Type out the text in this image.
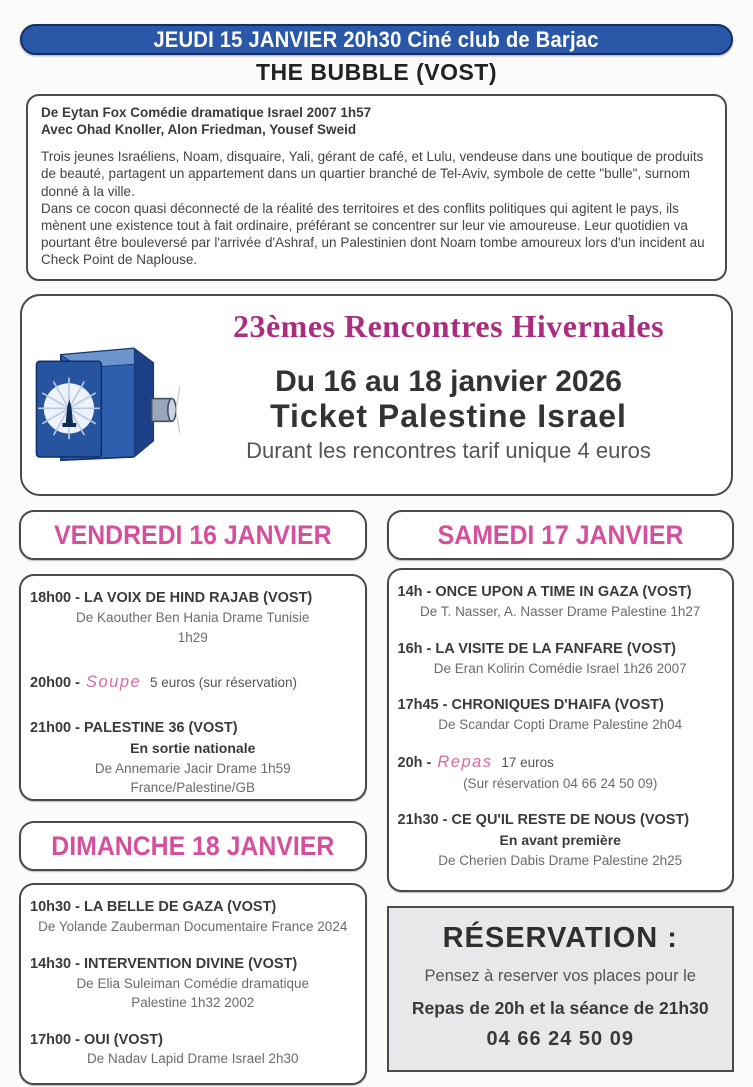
JEUDI 15 JANVIER 20h30 Ciné club de Barjac
THE BUBBLE (VOST)
De Eytan Fox Comédie dramatique Israel 2007 1h57
Avec Ohad Knoller, Alon Friedman, Yousef Sweid
Trois jeunes Israéliens, Noam, disquaire, Yali, gérant de café, et Lulu, vendeuse dans une boutique de produits de beauté, partagent un appartement dans un quartier branché de Tel-Aviv, symbole de cette "bulle", surnom donné à la ville.
Dans ce cocon quasi déconnecté de la réalité des territoires et des conflits politiques qui agitent le pays, ils mènent une existence tout à fait ordinaire, préférant se concentrer sur leur vie amoureuse. Leur quotidien va pourtant être bouleversé par l'arrivée d'Ashraf, un Palestinien dont Noam tombe amoureux lors d'un incident au Check Point de Naplouse.
23èmes Rencontres Hivernales
Du 16 au 18 janvier 2026
Ticket Palestine Israel
Durant les rencontres tarif unique 4 euros
VENDREDI 16 JANVIER
18h00 - LA VOIX DE HIND RAJAB (VOST)
De Kaouther Ben Hania Drame Tunisie
1h29
20h00 - Soupe 5 euros (sur réservation)
21h00 - PALESTINE 36 (VOST)
En sortie nationale
De Annemarie Jacir Drame 1h59
France/Palestine/GB
DIMANCHE 18 JANVIER
10h30 - LA BELLE DE GAZA (VOST)
De Yolande Zauberman Documentaire France 2024
14h30 - INTERVENTION DIVINE (VOST)
De Elia Suleiman Comédie dramatique
Palestine 1h32 2002
17h00 - OUI (VOST)
De Nadav Lapid Drame Israel 2h30
SAMEDI 17 JANVIER
14h - ONCE UPON A TIME IN GAZA (VOST)
De T. Nasser, A. Nasser Drame Palestine 1h27
16h - LA VISITE DE LA FANFARE (VOST)
De Eran Kolirin Comédie Israel 1h26 2007
17h45 - CHRONIQUES D'HAIFA (VOST)
De Scandar Copti Drame Palestine 2h04
20h - Repas 17 euros
(Sur réservation 04 66 24 50 09)
21h30 - CE QU'IL RESTE DE NOUS (VOST)
En avant première
De Cherien Dabis Drame Palestine 2h25
RÉSERVATION :
Pensez à reserver vos places pour le
Repas de 20h et la séance de 21h30
04 66 24 50 09
